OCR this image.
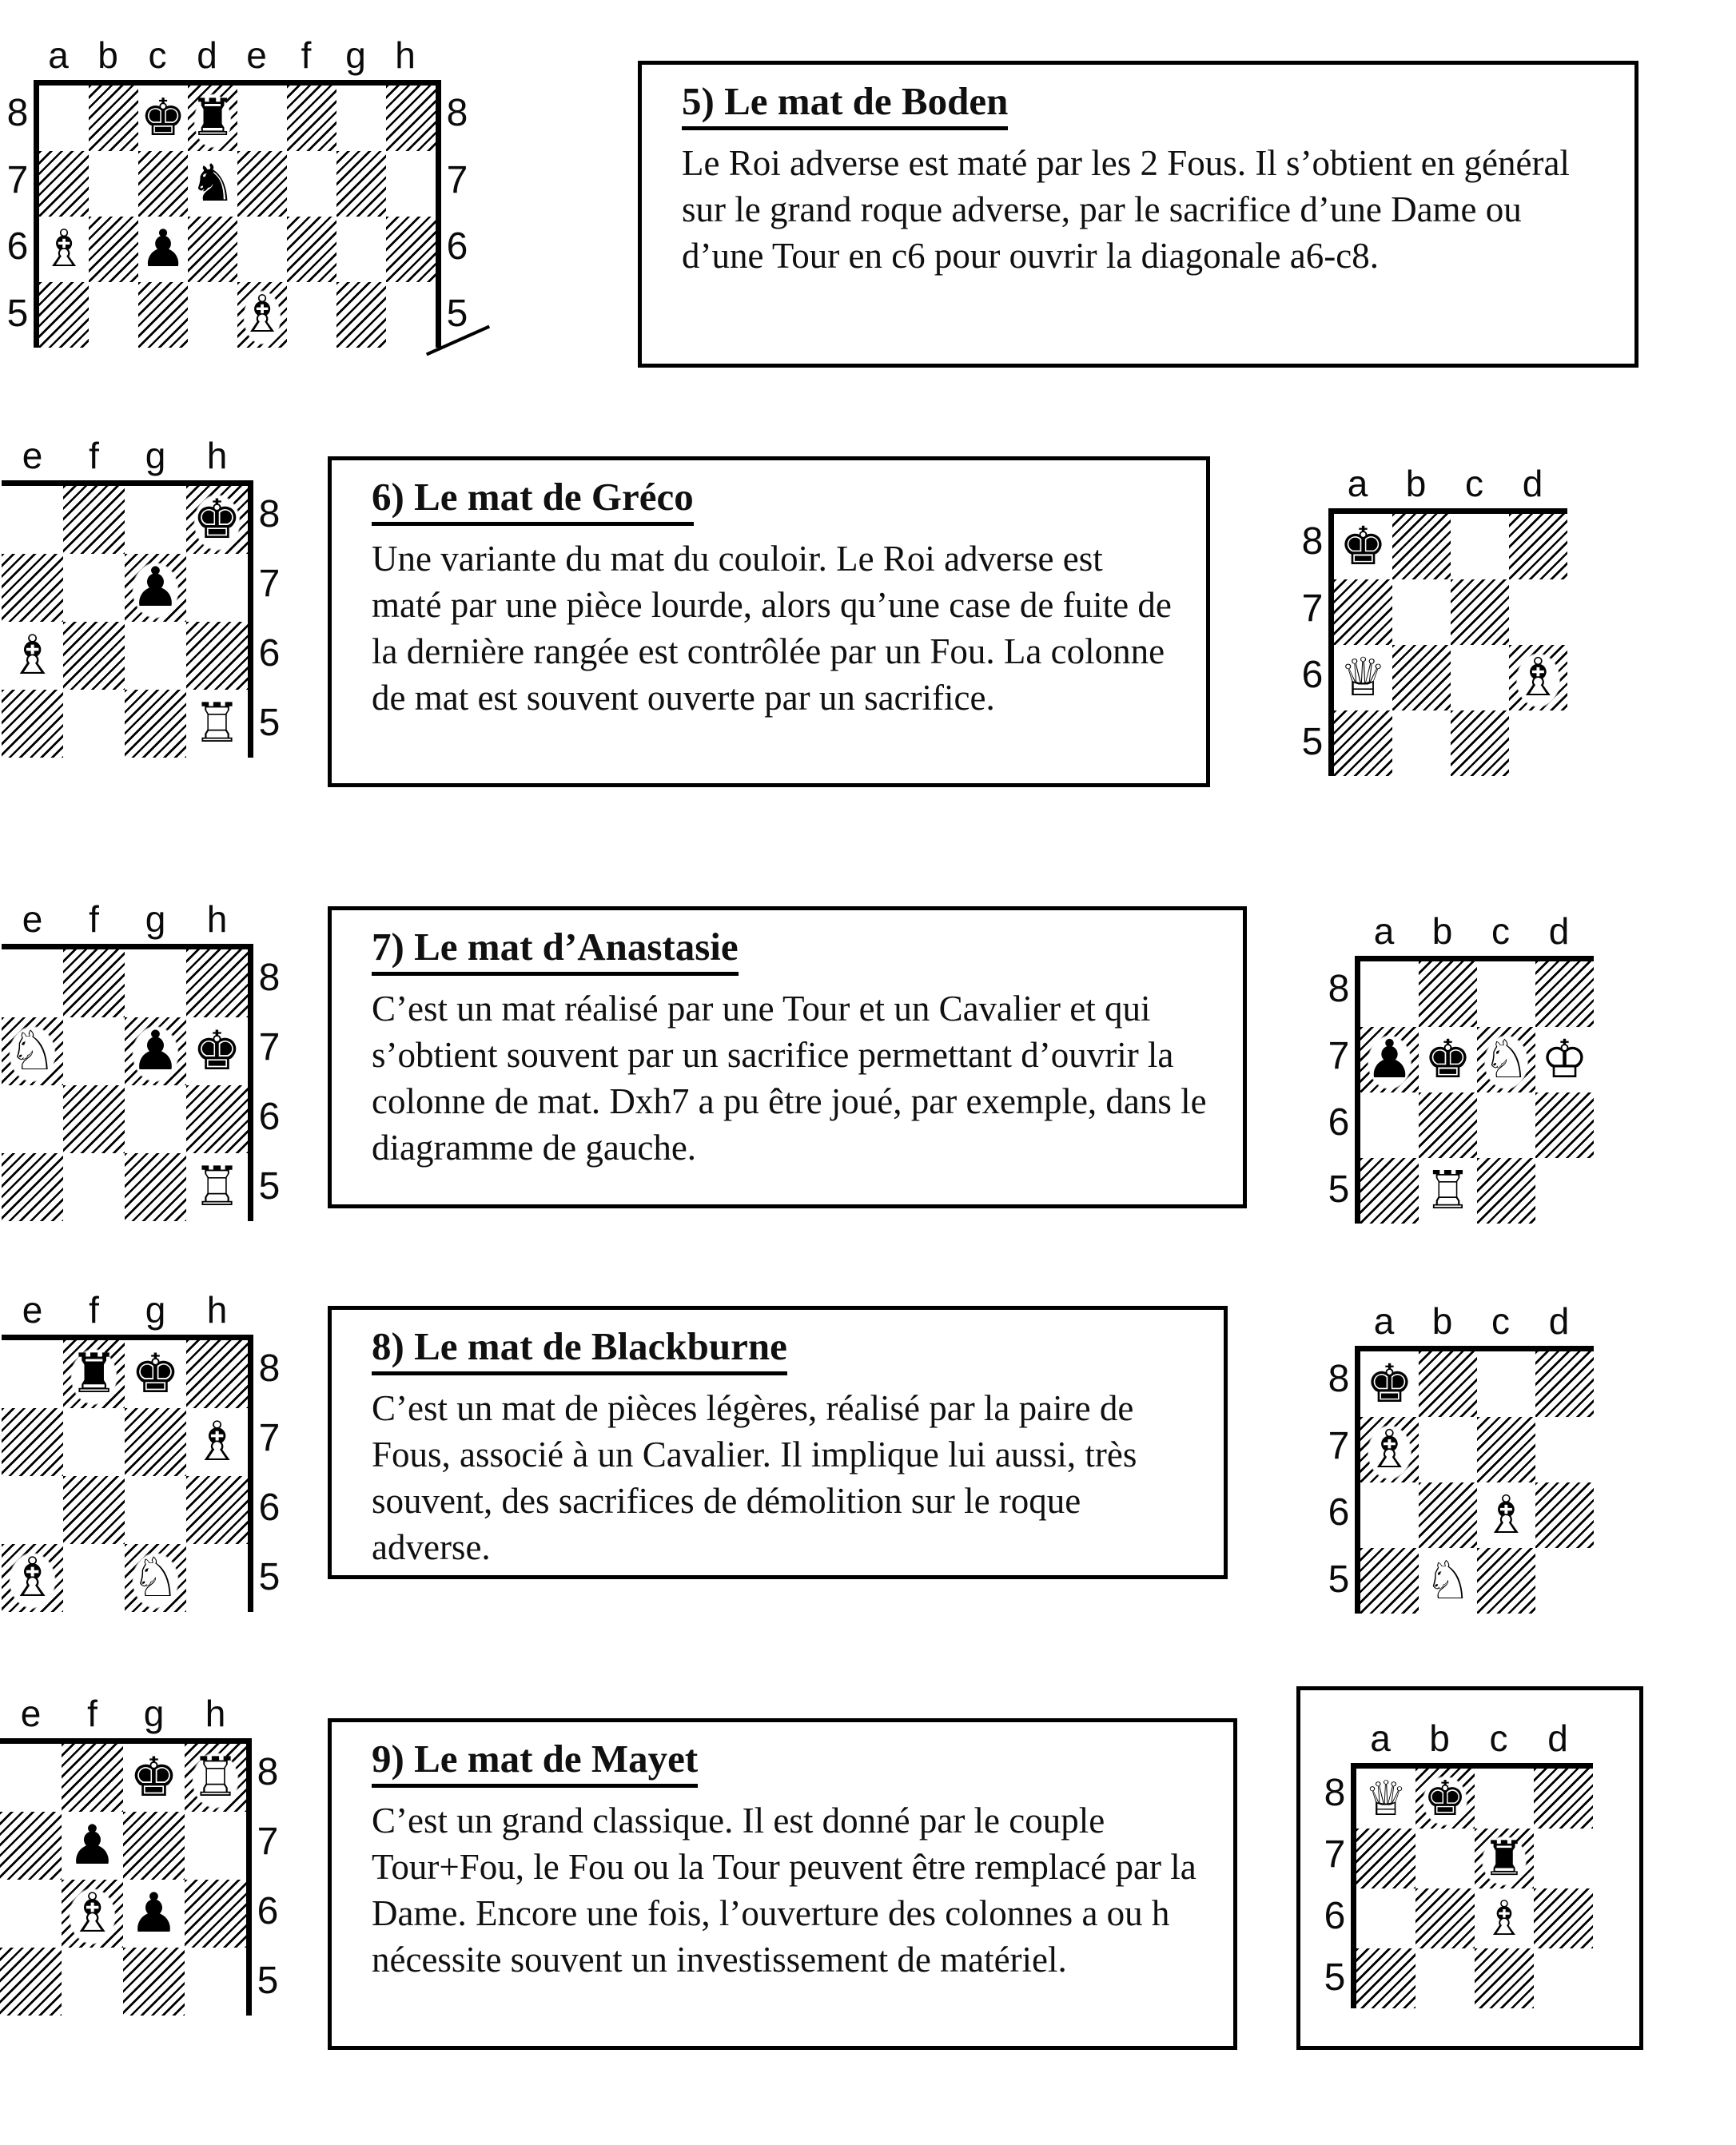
a b c d e f g h
8
7
6
5
♚ ♜
♞
♗ ♟
♗
8
7
6
5
5) Le mat de Boden

Le Roi adverse est maté par les 2 Fous. Il s’obtient en général sur le grand roque adverse, par le sacrifice d’une Dame ou d’une Tour en c6 pour ouvrir la diagonale a6-c8.

e	f	g	h
♚
♟
♗
♖
8
7
6
5
6) Le mat de Gréco

Une variante du mat du couloir. Le Roi adverse est maté par une pièce lourde, alors qu’une case de fuite de la dernière rangée est contrôlée par un Fou. La colonne de mat est souvent ouverte par un sacrifice.

a	b	c	d
8
7
6
5
♚
♕ ♗
e	f	g	h
♘ ♟ ♚
♖
8
7
6
5
7) Le mat d’Anastasie

C’est un mat réalisé par une Tour et un Cavalier et qui s’obtient souvent par un sacrifice permettant d’ouvrir la colonne de mat. Dxh7 a pu être joué, par exemple, dans le diagramme de gauche.

a	b	c	d
8
7
6
5
♟ ♚ ♘ ♔
♖
e	f	g	h
♜ ♚
♗
♗ ♘
8
7
6
5
8) Le mat de Blackburne

C’est un mat de pièces légères, réalisé par la paire de Fous, associé à un Cavalier. Il implique lui aussi, très souvent, des sacrifices de démolition sur le roque adverse.

a	b	c	d
8
7
6
5
♚
♗
♗
♘
e	f	g	h
♚ ♖
♟
♗ ♟
8
7
6
5
9) Le mat de Mayet

C’est un grand classique. Il est donné par le couple Tour+Fou, le Fou ou la Tour peuvent être remplacé par la Dame. Encore une fois, l’ouverture des colonnes a ou h nécessite souvent un investissement de matériel.

a	b	c	d
8
7
6
5
♕ ♚
♜
♗
